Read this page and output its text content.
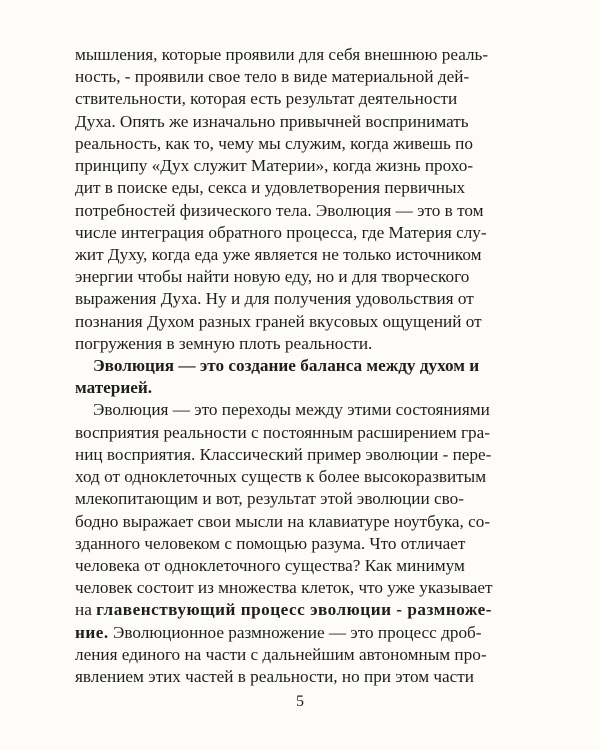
мышления, которые проявили для себя внешнюю реаль-
ность, - проявили свое тело в виде материальной дей-
ствительности, которая есть результат деятельности
Духа. Опять же изначально привычней воспринимать
реальность, как то, чему мы служим, когда живешь по
принципу «Дух служит Материи», когда жизнь прохо-
дит в поиске еды, секса и удовлетворения первичных
потребностей физического тела. Эволюция — это в том
числе интеграция обратного процесса, где Материя слу-
жит Духу, когда еда уже является не только источником
энергии чтобы найти новую еду, но и для творческого
выражения Духа. Ну и для получения удовольствия от
познания Духом разных граней вкусовых ощущений от
погружения в земную плоть реальности.
Эволюция — это создание баланса между духом и
материей.
Эволюция — это переходы между этими состояниями
восприятия реальности с постоянным расширением гра-
ниц восприятия. Классический пример эволюции - пере-
ход от одноклеточных существ к более высокоразвитым
млекопитающим и вот, результат этой эволюции сво-
бодно выражает свои мысли на клавиатуре ноутбука, со-
зданного человеком с помощью разума. Что отличает
человека от одноклеточного существа? Как минимум
человек состоит из множества клеток, что уже указывает
на главенствующий процесс эволюции - размноже-
ние. Эволюционное размножение — это процесс дроб-
ления единого на части с дальнейшим автономным про-
явлением этих частей в реальности, но при этом части
5
